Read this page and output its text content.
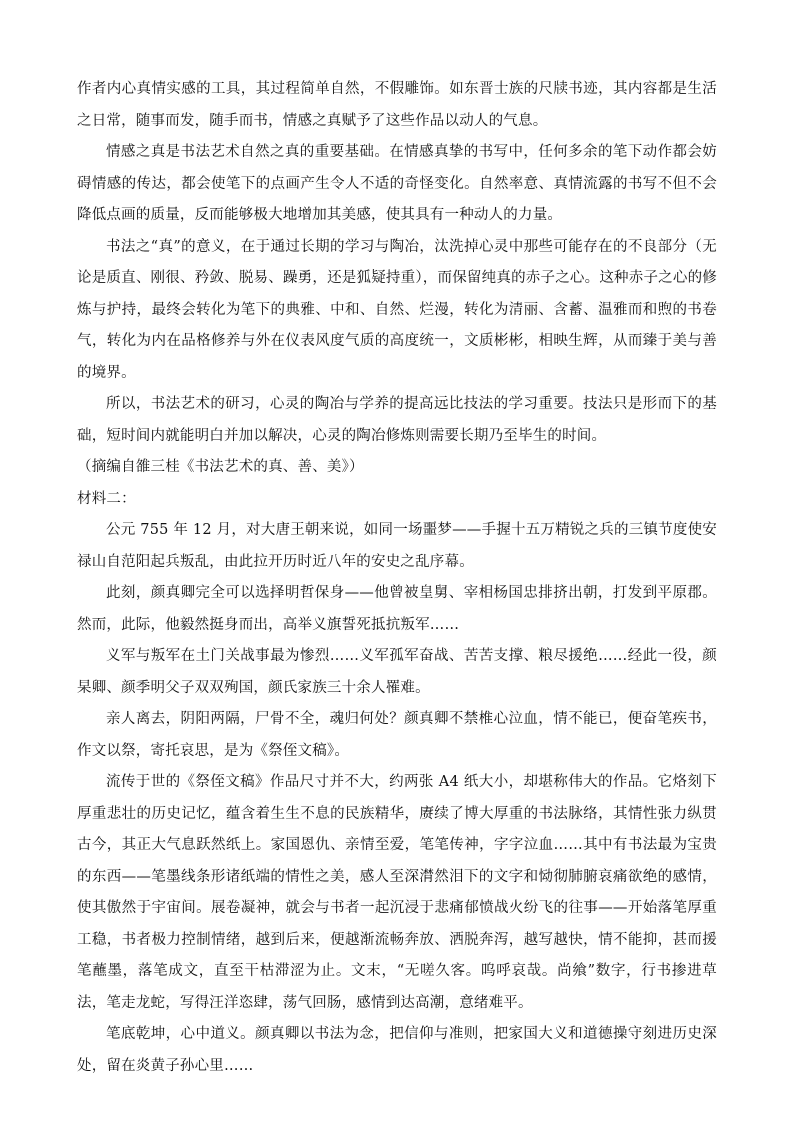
作者内心真情实感的工具，其过程简单自然，不假雕饰。如东晋士族的尺牍书迹，其内容都是生活之日常，随事而发，随手而书，情感之真赋予了这些作品以动人的气息。

情感之真是书法艺术自然之真的重要基础。在情感真挚的书写中，任何多余的笔下动作都会妨碍情感的传达，都会使笔下的点画产生令人不适的奇怪变化。自然率意、真情流露的书写不但不会降低点画的质量，反而能够极大地增加其美感，使其具有一种动人的力量。

书法之“真”的意义，在于通过长期的学习与陶冶，汰洗掉心灵中那些可能存在的不良部分（无论是质直、刚很、矜敛、脱易、躁勇，还是狐疑持重），而保留纯真的赤子之心。这种赤子之心的修炼与护持，最终会转化为笔下的典雅、中和、自然、烂漫，转化为清丽、含蓄、温雅而和煦的书卷气，转化为内在品格修养与外在仪表风度气质的高度统一，文质彬彬，相映生辉，从而臻于美与善的境界。

所以，书法艺术的研习，心灵的陶冶与学养的提高远比技法的学习重要。技法只是形而下的基础，短时间内就能明白并加以解决，心灵的陶冶修炼则需要长期乃至毕生的时间。

（摘编自雒三桂《书法艺术的真、善、美》）

材料二：

公元 755 年 12 月，对大唐王朝来说，如同一场噩梦——手握十五万精锐之兵的三镇节度使安禄山自范阳起兵叛乱，由此拉开历时近八年的安史之乱序幕。

此刻，颜真卿完全可以选择明哲保身——他曾被皇舅、宰相杨国忠排挤出朝，打发到平原郡。然而，此际，他毅然挺身而出，高举义旗誓死抵抗叛军……

义军与叛军在土门关战事最为惨烈……义军孤军奋战、苦苦支撑、粮尽援绝……经此一役，颜杲卿、颜季明父子双双殉国，颜氏家族三十余人罹难。

亲人离去，阴阳两隔，尸骨不全，魂归何处？颜真卿不禁椎心泣血，情不能已，便奋笔疾书，作文以祭，寄托哀思，是为《祭侄文稿》。

流传于世的《祭侄文稿》作品尺寸并不大，约两张 A4 纸大小，却堪称伟大的作品。它烙刻下厚重悲壮的历史记忆，蕴含着生生不息的民族精华，赓续了博大厚重的书法脉络，其情性张力纵贯古今，其正大气息跃然纸上。家国恩仇、亲情至爱，笔笔传神，字字泣血……其中有书法最为宝贵的东西——笔墨线条形诸纸端的情性之美，感人至深潸然泪下的文字和恸彻肺腑哀痛欲绝的感情，使其傲然于宇宙间。展卷凝神，就会与书者一起沉浸于悲痛郁愤战火纷飞的往事——开始落笔厚重工稳，书者极力控制情绪，越到后来，便越渐流畅奔放、洒脱奔泻，越写越快，情不能抑，甚而援笔蘸墨，落笔成文，直至干枯滞涩为止。文末，“无嗟久客。呜呼哀哉。尚飨”数字，行书掺进草法，笔走龙蛇，写得汪洋恣肆，荡气回肠，感情到达高潮，意绪难平。

笔底乾坤，心中道义。颜真卿以书法为念，把信仰与准则，把家国大义和道德操守刻进历史深处，留在炎黄子孙心里……
